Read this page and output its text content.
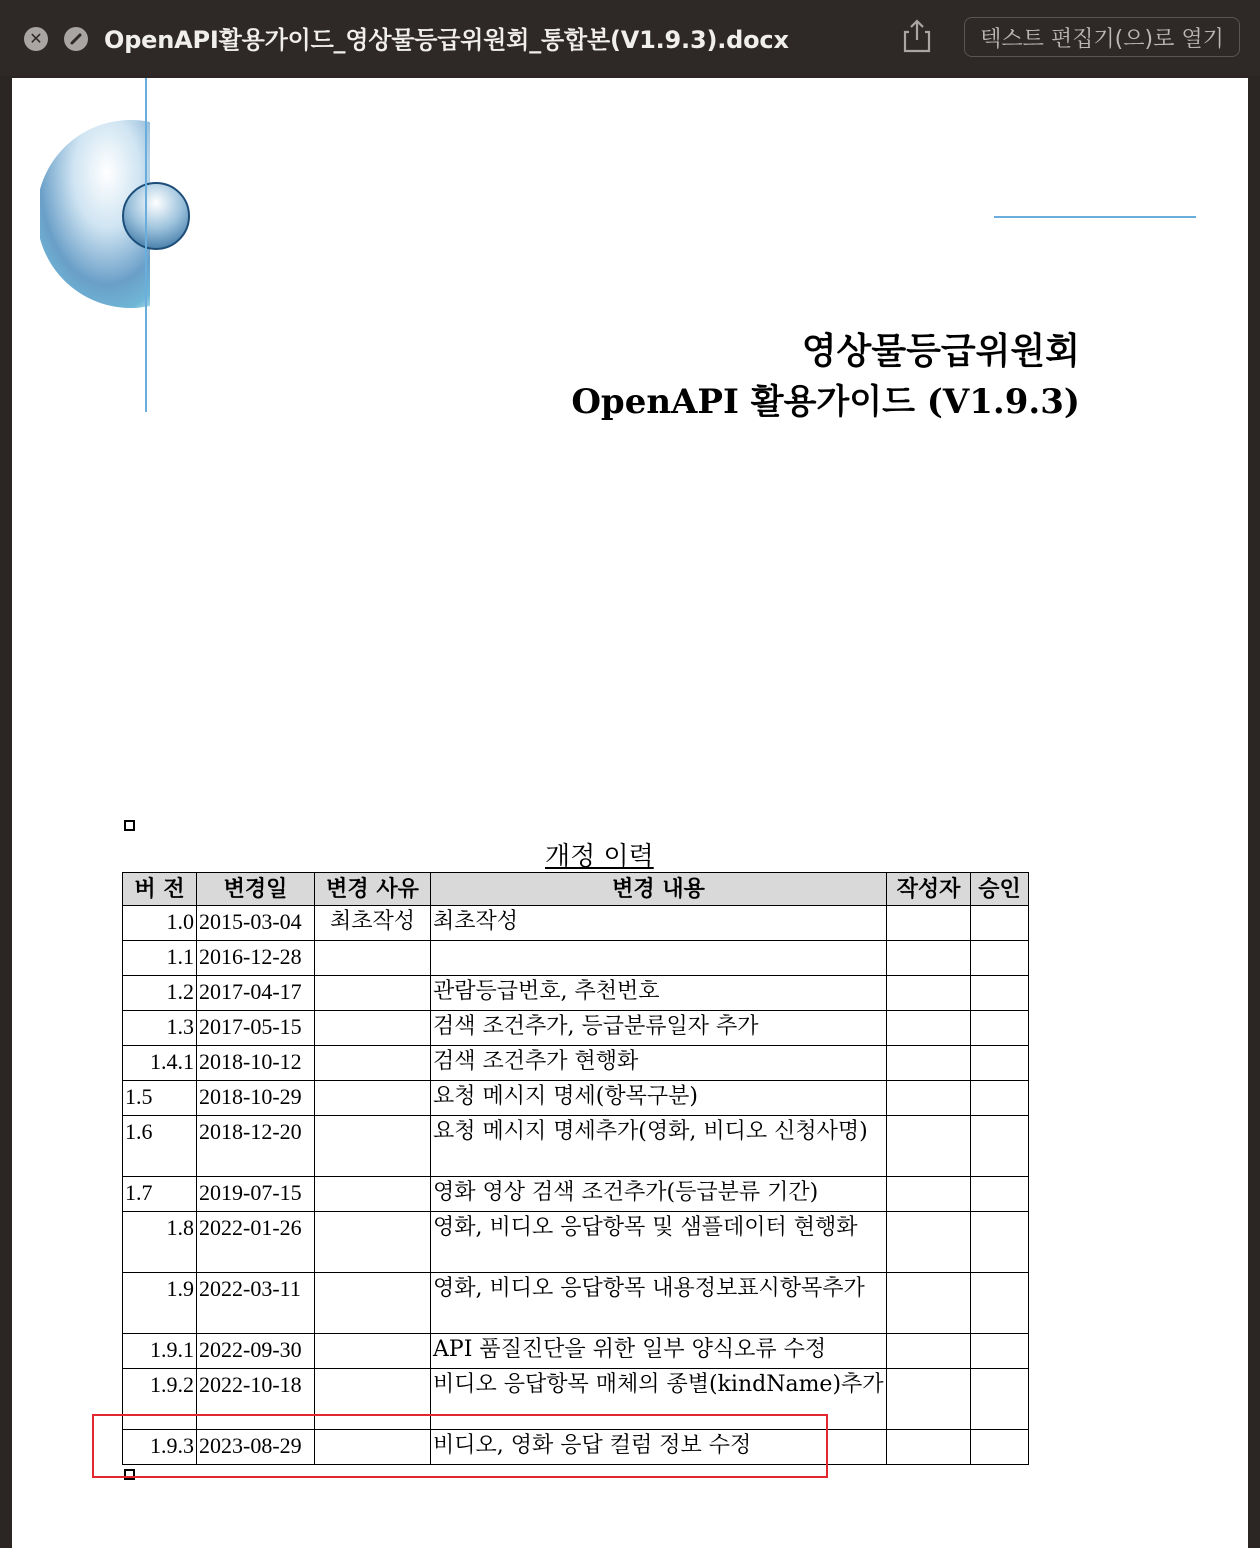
✕	OpenAPI활용가이드_영상물등급위원회_통합본(V1.9.3).docx	텍스트 편집기(으)로 열기
영상물등급위원회
OpenAPI 활용가이드 (V1.9.3)
개정 이력
버 전	변경일	변경 사유	변경 내용	작성자	승인
1.0	2015-03-04	최초작성	최초작성		
1.1	2016-12-28				
1.2	2017-04-17		관람등급번호, 추천번호		
1.3	2017-05-15		검색 조건추가, 등급분류일자 추가		
1.4.1	2018-10-12		검색 조건추가 현행화		
1.5	2018-10-29		요청 메시지 명세(항목구분)		
1.6	2018-12-20		요청 메시지 명세추가(영화, 비디오 신청사명)		
1.7	2019-07-15		영화 영상 검색 조건추가(등급분류 기간)		
1.8	2022-01-26		영화, 비디오 응답항목 및 샘플데이터 현행화		
1.9	2022-03-11		영화, 비디오 응답항목 내용정보표시항목추가		
1.9.1	2022-09-30		API 품질진단을 위한 일부 양식오류 수정		
1.9.2	2022-10-18		비디오 응답항목 매체의 종별(kindName)추가		
1.9.3	2023-08-29		비디오, 영화 응답 컬럼 정보 수정		
